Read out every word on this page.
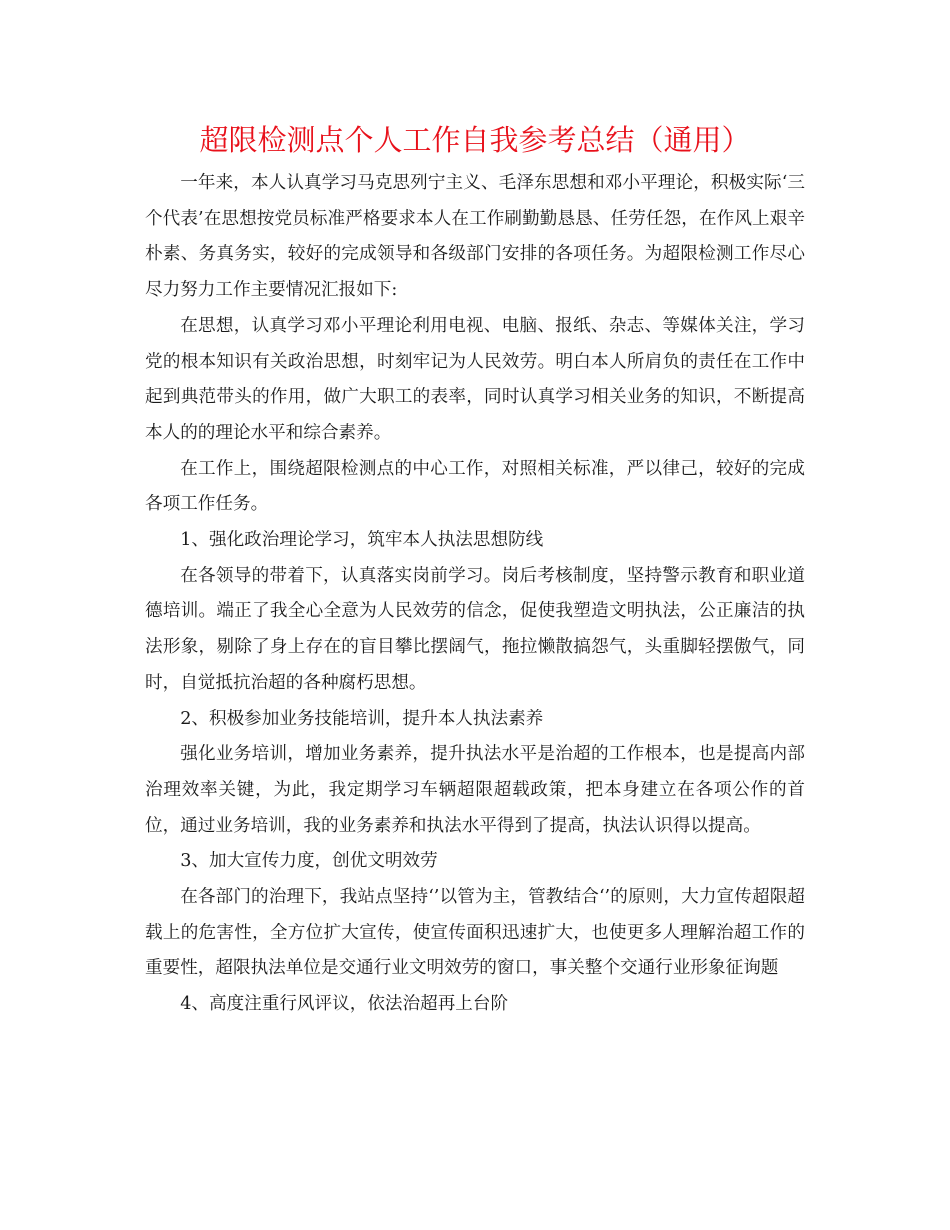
超限检测点个人工作自我参考总结（通用）

一年来，本人认真学习马克思列宁主义、毛泽东思想和邓小平理论，积极实际‘三个代表’在思想按党员标准严格要求本人在工作刷勤勤恳恳、任劳任怨，在作风上艰辛朴素、务真务实，较好的完成领导和各级部门安排的各项任务。为超限检测工作尽心尽力努力工作主要情况汇报如下:

在思想，认真学习邓小平理论利用电视、电脑、报纸、杂志、等媒体关注，学习党的根本知识有关政治思想，时刻牢记为人民效劳。明白本人所肩负的责任在工作中起到典范带头的作用，做广大职工的表率，同时认真学习相关业务的知识，不断提高本人的的理论水平和综合素养。

在工作上，围绕超限检测点的中心工作，对照相关标准，严以律己，较好的完成各项工作任务。

1、强化政治理论学习，筑牢本人执法思想防线

在各领导的带着下，认真落实岗前学习。岗后考核制度，坚持警示教育和职业道德培训。端正了我全心全意为人民效劳的信念，促使我塑造文明执法，公正廉洁的执法形象，剔除了身上存在的盲目攀比摆阔气，拖拉懒散搞怨气，头重脚轻摆傲气，同时，自觉抵抗治超的各种腐朽思想。

2、积极参加业务技能培训，提升本人执法素养

强化业务培训，增加业务素养，提升执法水平是治超的工作根本，也是提高内部治理效率关键，为此，我定期学习车辆超限超载政策，把本身建立在各项公作的首位，通过业务培训，我的业务素养和执法水平得到了提高，执法认识得以提高。

3、加大宣传力度，创优文明效劳

在各部门的治理下，我站点坚持‘’以管为主，管教结合‘’的原则，大力宣传超限超载上的危害性，全方位扩大宣传，使宣传面积迅速扩大，也使更多人理解治超工作的重要性，超限执法单位是交通行业文明效劳的窗口，事关整个交通行业形象征询题

4、高度注重行风评议，依法治超再上台阶
